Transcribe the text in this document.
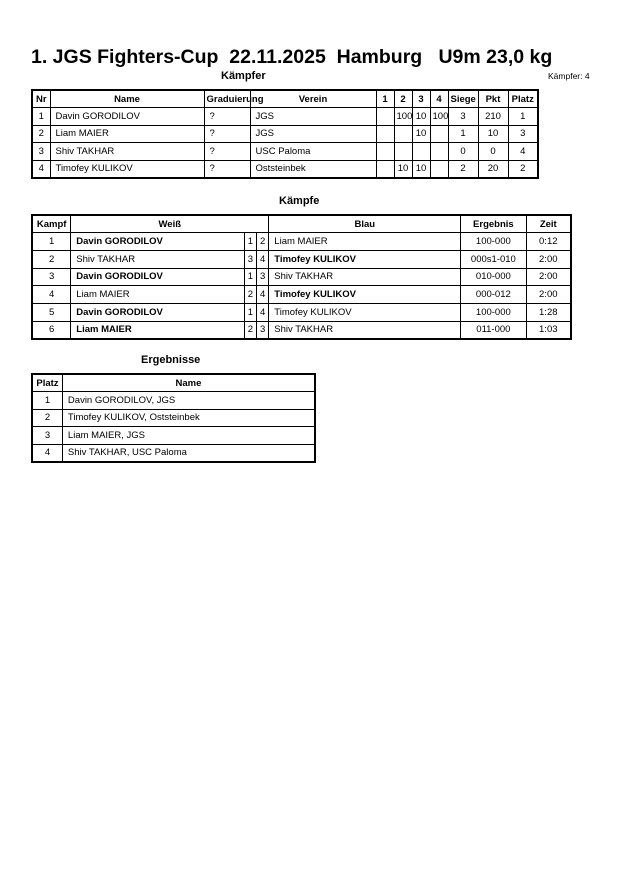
1. JGS Fighters-Cup  22.11.2025  Hamburg   U9m 23,0 kg
Kämpfer	Kämpfer: 4
Nr	Name	Graduierung	Verein	1	2	3	4	Siege	Pkt	Platz
1	Davin GORODILOV	?	JGS		100	10	100	3	210	1
2	Liam MAIER	?	JGS			10		1	10	3
3	Shiv TAKHAR	?	USC Paloma					0	0	4
4	Timofey KULIKOV	?	Oststeinbek		10	10		2	20	2
Kämpfe
Kampf	Weiß			Blau	Ergebnis	Zeit
1	Davin GORODILOV	1	2	Liam MAIER	100-000	0:12
2	Shiv TAKHAR	3	4	Timofey KULIKOV	000s1-010	2:00
3	Davin GORODILOV	1	3	Shiv TAKHAR	010-000	2:00
4	Liam MAIER	2	4	Timofey KULIKOV	000-012	2:00
5	Davin GORODILOV	1	4	Timofey KULIKOV	100-000	1:28
6	Liam MAIER	2	3	Shiv TAKHAR	011-000	1:03
Ergebnisse
Platz	Name
1	Davin GORODILOV, JGS
2	Timofey KULIKOV, Oststeinbek
3	Liam MAIER, JGS
4	Shiv TAKHAR, USC Paloma
